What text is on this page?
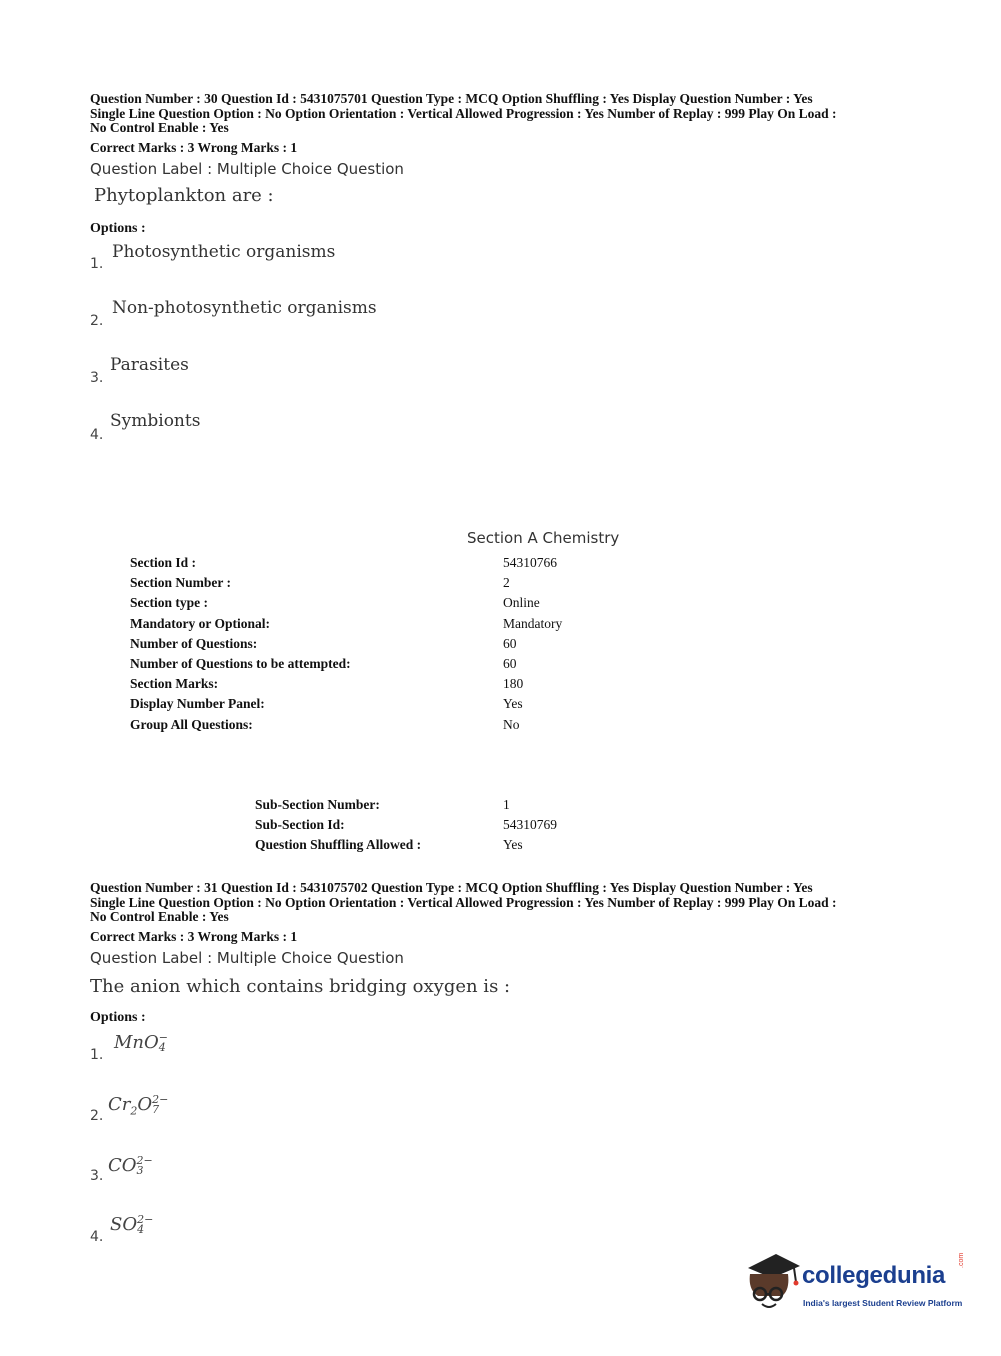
Question Number : 30 Question Id : 5431075701 Question Type : MCQ Option Shuffling : Yes Display Question Number : Yes
Single Line Question Option : No Option Orientation : Vertical Allowed Progression : Yes Number of Replay : 999 Play On Load :
No Control Enable : Yes
Correct Marks : 3 Wrong Marks : 1
Question Label : Multiple Choice Question
Phytoplankton are :
Options :
1.
Photosynthetic organisms
2.
Non-photosynthetic organisms
3.
Parasites
4.
Symbionts
Section A Chemistry
Section Id :	54310766
Section Number :	2
Section type :	Online
Mandatory or Optional:	Mandatory
Number of Questions:	60
Number of Questions to be attempted:	60
Section Marks:	180
Display Number Panel:	Yes
Group All Questions:	No
Sub-Section Number:	1
Sub-Section Id:	54310769
Question Shuffling Allowed :	Yes
Question Number : 31 Question Id : 5431075702 Question Type : MCQ Option Shuffling : Yes Display Question Number : Yes
Single Line Question Option : No Option Orientation : Vertical Allowed Progression : Yes Number of Replay : 999 Play On Load :
No Control Enable : Yes
Correct Marks : 3 Wrong Marks : 1
Question Label : Multiple Choice Question
The anion which contains bridging oxygen is :
Options :
1.
MnO −
4
2.
$Cr_2O$ 2−
7
3. CO 2−
3
4.
SO 2−
4
collegedunia
.com
India's largest Student Review Platform
